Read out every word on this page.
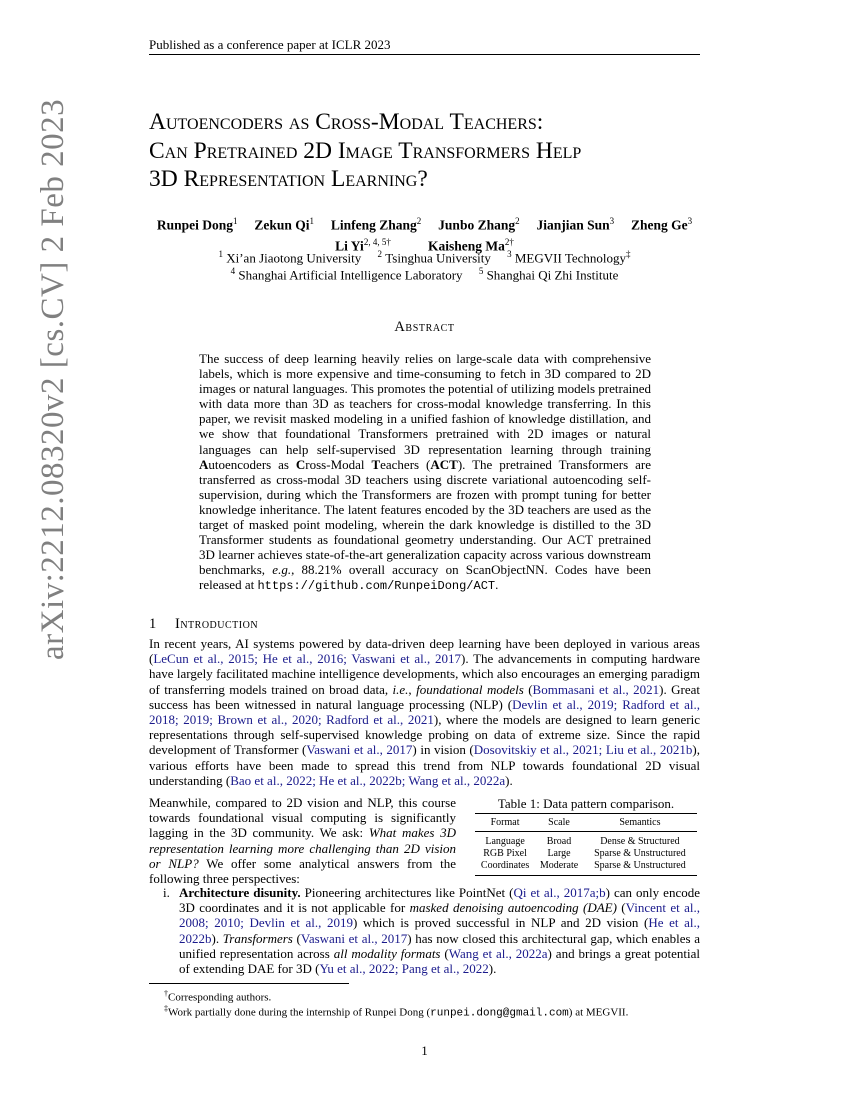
Published as a conference paper at ICLR 2023
arXiv:2212.08320v2 [cs.CV] 2 Feb 2023	Autoencoders as Cross-Modal Teachers:
Can Pretrained 2D Image Transformers Help
3D Representation Learning?
Runpei Dong$^1$ Zekun Qi$^1$ Linfeng Zhang$^2$ Junbo Zhang$^2$ Jianjian Sun$^3$ Zheng Ge$^3$
Li $Yi^{2, 4, 5\dagger}$	Kaisheng $Ma^{2\dagger}$
$^1$ Xi’an Jiaotong University $^2$ Tsinghua University $^3$ MEGVII Technology‡
$^4$ Shanghai Artificial Intelligence Laboratory $^5$ Shanghai Qi Zhi Institute
Abstract
The success of deep learning heavily relies on large-scale data with comprehensive labels, which is more expensive and time-consuming to fetch in 3D compared to 2D images or natural languages. This promotes the potential of utilizing models pretrained with data more than 3D as teachers for cross-modal knowledge transferring. In this paper, we revisit masked modeling in a unified fashion of knowledge distillation, and we show that foundational Transformers pretrained with 2D images or natural languages can help self-supervised 3D representation learning through training Autoencoders as Cross-Modal Teachers (ACT). The pretrained Transformers are transferred as cross-modal 3D teachers using discrete variational autoencoding self-supervision, during which the Transformers are frozen with prompt tuning for better knowledge inheritance. The latent features encoded by the 3D teachers are used as the target of masked point modeling, wherein the dark knowledge is distilled to the 3D Transformer students as foundational geometry understanding. Our ACT pretrained 3D learner achieves state-of-the-art generalization capacity across various downstream benchmarks, e.g., 88.21% overall accuracy on ScanObjectNN. Codes have been released at https://github.com/RunpeiDong/ACT.
1 Introduction
In recent years, AI systems powered by data-driven deep learning have been deployed in various areas (LeCun et al., 2015; He et al., 2016; Vaswani et al., 2017). The advancements in computing hardware have largely facilitated machine intelligence developments, which also encourages an emerging paradigm of transferring models trained on broad data, i.e., foundational models (Bommasani et al., 2021). Great success has been witnessed in natural language processing (NLP) (Devlin et al., 2019; Radford et al., 2018; 2019; Brown et al., 2020; Radford et al., 2021), where the models are designed to learn generic representations through self-supervised knowledge probing on data of extreme size. Since the rapid development of Transformer (Vaswani et al., 2017) in vision (Dosovitskiy et al., 2021; Liu et al., 2021b), various efforts have been made to spread this trend from NLP towards foundational 2D visual understanding (Bao et al., 2022; He et al., 2022b; Wang et al., 2022a).
Meanwhile, compared to 2D vision and NLP, this course towards foundational visual computing is significantly lagging in the 3D community. We ask: What makes 3D representation learning more challenging than 2D vision or NLP? We offer some analytical answers from the following three perspectives:
Table 1: Data pattern comparison.
Format	Scale	Semantics
Language	Broad	Dense & Structured
RGB Pixel	Large	Sparse & Unstructured
Coordinates	Moderate	Sparse & Unstructured
i. Architecture disunity. Pioneering architectures like PointNet (Qi et al., 2017a;b) can only encode 3D coordinates and it is not applicable for masked denoising autoencoding (DAE) (Vincent et al., 2008; 2010; Devlin et al., 2019) which is proved successful in NLP and 2D vision (He et al., 2022b). Transformers (Vaswani et al., 2017) has now closed this architectural gap, which enables a unified representation across all modality formats (Wang et al., 2022a) and brings a great potential of extending DAE for 3D (Yu et al., 2022; Pang et al., 2022).
†Corresponding authors.
‡Work partially done during the internship of Runpei Dong (runpei.dong@gmail.com) at MEGVII.
1
